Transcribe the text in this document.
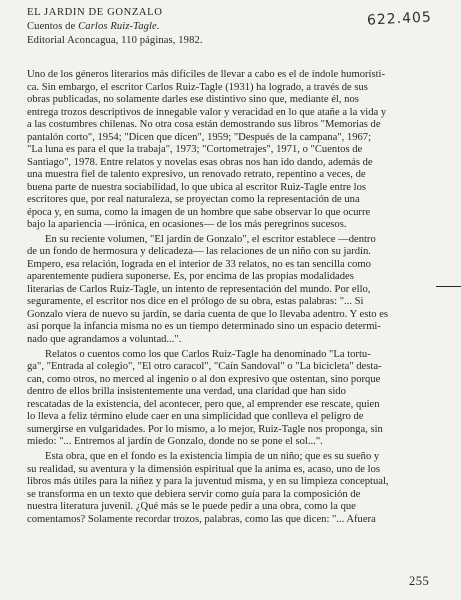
EL JARDIN DE GONZALO
Cuentos de Carlos Ruiz-Tagle.
Editorial Aconcagua, 110 páginas, 1982.
622.405
Uno de los géneros literarios más difíciles de llevar a cabo es el de índole humorísti-
ca. Sin embargo, el escritor Carlos Ruiz-Tagle (1931) ha logrado, a través de sus
obras publicadas, no solamente darles ese distintivo sino que, mediante él, nos
entrega trozos descriptivos de innegable valor y veracidad en lo que atañe a la vida y
a las costumbres chilenas. No otra cosa están demostrando sus libros "Memorias de
pantalón corto", 1954; "Dicen que dicen", 1959; "Después de la campana", 1967;
"La luna es para el que la trabaja", 1973; "Cortometrajes", 1971, o "Cuentos de
Santiago", 1978. Entre relatos y novelas esas obras nos han ido dando, además de
una muestra fiel de talento expresivo, un renovado retrato, repentino a veces, de
buena parte de nuestra sociabilidad, lo que ubica al escritor Ruiz-Tagle entre los
escritores que, por real naturaleza, se proyectan como la representación de una
época y, en suma, como la imagen de un hombre que sabe observar lo que ocurre
bajo la apariencia —irónica, en ocasiones— de los más peregrinos sucesos.
En su reciente volumen, "El jardín de Gonzalo", el escritor establece —dentro
de un fondo de hermosura y delicadeza— las relaciones de un niño con su jardín.
Empero, esa relación, lograda en el interior de 33 relatos, no es tan sencilla como
aparentemente pudiera suponerse. Es, por encima de las propias modalidades
literarias de Carlos Ruiz-Tagle, un intento de representación del mundo. Por ello,
seguramente, el escritor nos dice en el prólogo de su obra, estas palabras: "... Si
Gonzalo viera de nuevo su jardín, se daría cuenta de que lo llevaba adentro. Y esto es
así porque la infancia misma no es un tiempo determinado sino un espacio determi-
nado que agrandamos a voluntad...".
Relatos o cuentos como los que Carlos Ruiz-Tagle ha denominado "La tortu-
ga", "Entrada al colegio", "El otro caracol", "Caín Sandoval" o "La bicicleta" desta-
can, como otros, no merced al ingenio o al don expresivo que ostentan, sino porque
dentro de ellos brilla insistentemente una verdad, una claridad que han sido
rescatadas de la existencia, del acontecer, pero que, al emprender ese rescate, quien
lo lleva a feliz término elude caer en una simplicidad que conlleva el peligro de
sumergirse en vulgaridades. Por lo mismo, a lo mejor, Ruiz-Tagle nos proponga, sin
miedo: "... Entremos al jardín de Gonzalo, donde no se pone el sol...".
Esta obra, que en el fondo es la existencia limpia de un niño; que es su sueño y
su realidad, su aventura y la dimensión espiritual que la anima es, acaso, uno de los
libros más útiles para la niñez y para la juventud misma, y en su limpieza conceptual,
se transforma en un texto que debiera servir como guía para la composición de
nuestra literatura juvenil. ¿Qué más se le puede pedir a una obra, como la que
comentamos? Solamente recordar trozos, palabras, como las que dicen: "... Afuera
255
